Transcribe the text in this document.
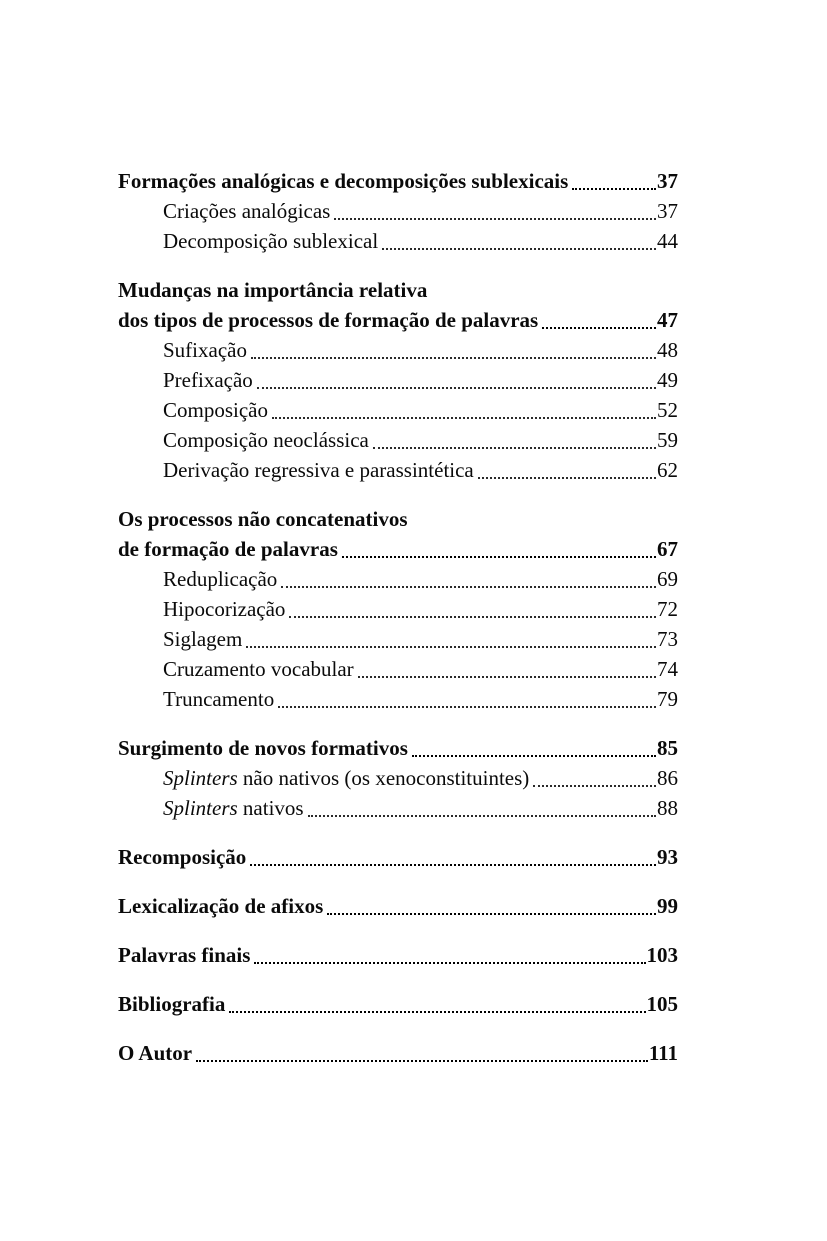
Formações analógicas e decomposições sublexicais	37
Criações analógicas	37
Decomposição sublexical	44
Mudanças na importância relativa
dos tipos de processos de formação de palavras	47
Sufixação	48
Prefixação	49
Composição	52
Composição neoclássica	59
Derivação regressiva e parassintética	62
Os processos não concatenativos
de formação de palavras	67
Reduplicação	69
Hipocorização	72
Siglagem	73
Cruzamento vocabular	74
Truncamento	79
Surgimento de novos formativos	85
Splinters não nativos (os xenoconstituintes)	86
Splinters nativos	88
Recomposição	93
Lexicalização de afixos	99
Palavras finais	103
Bibliografia	105
O Autor	111
